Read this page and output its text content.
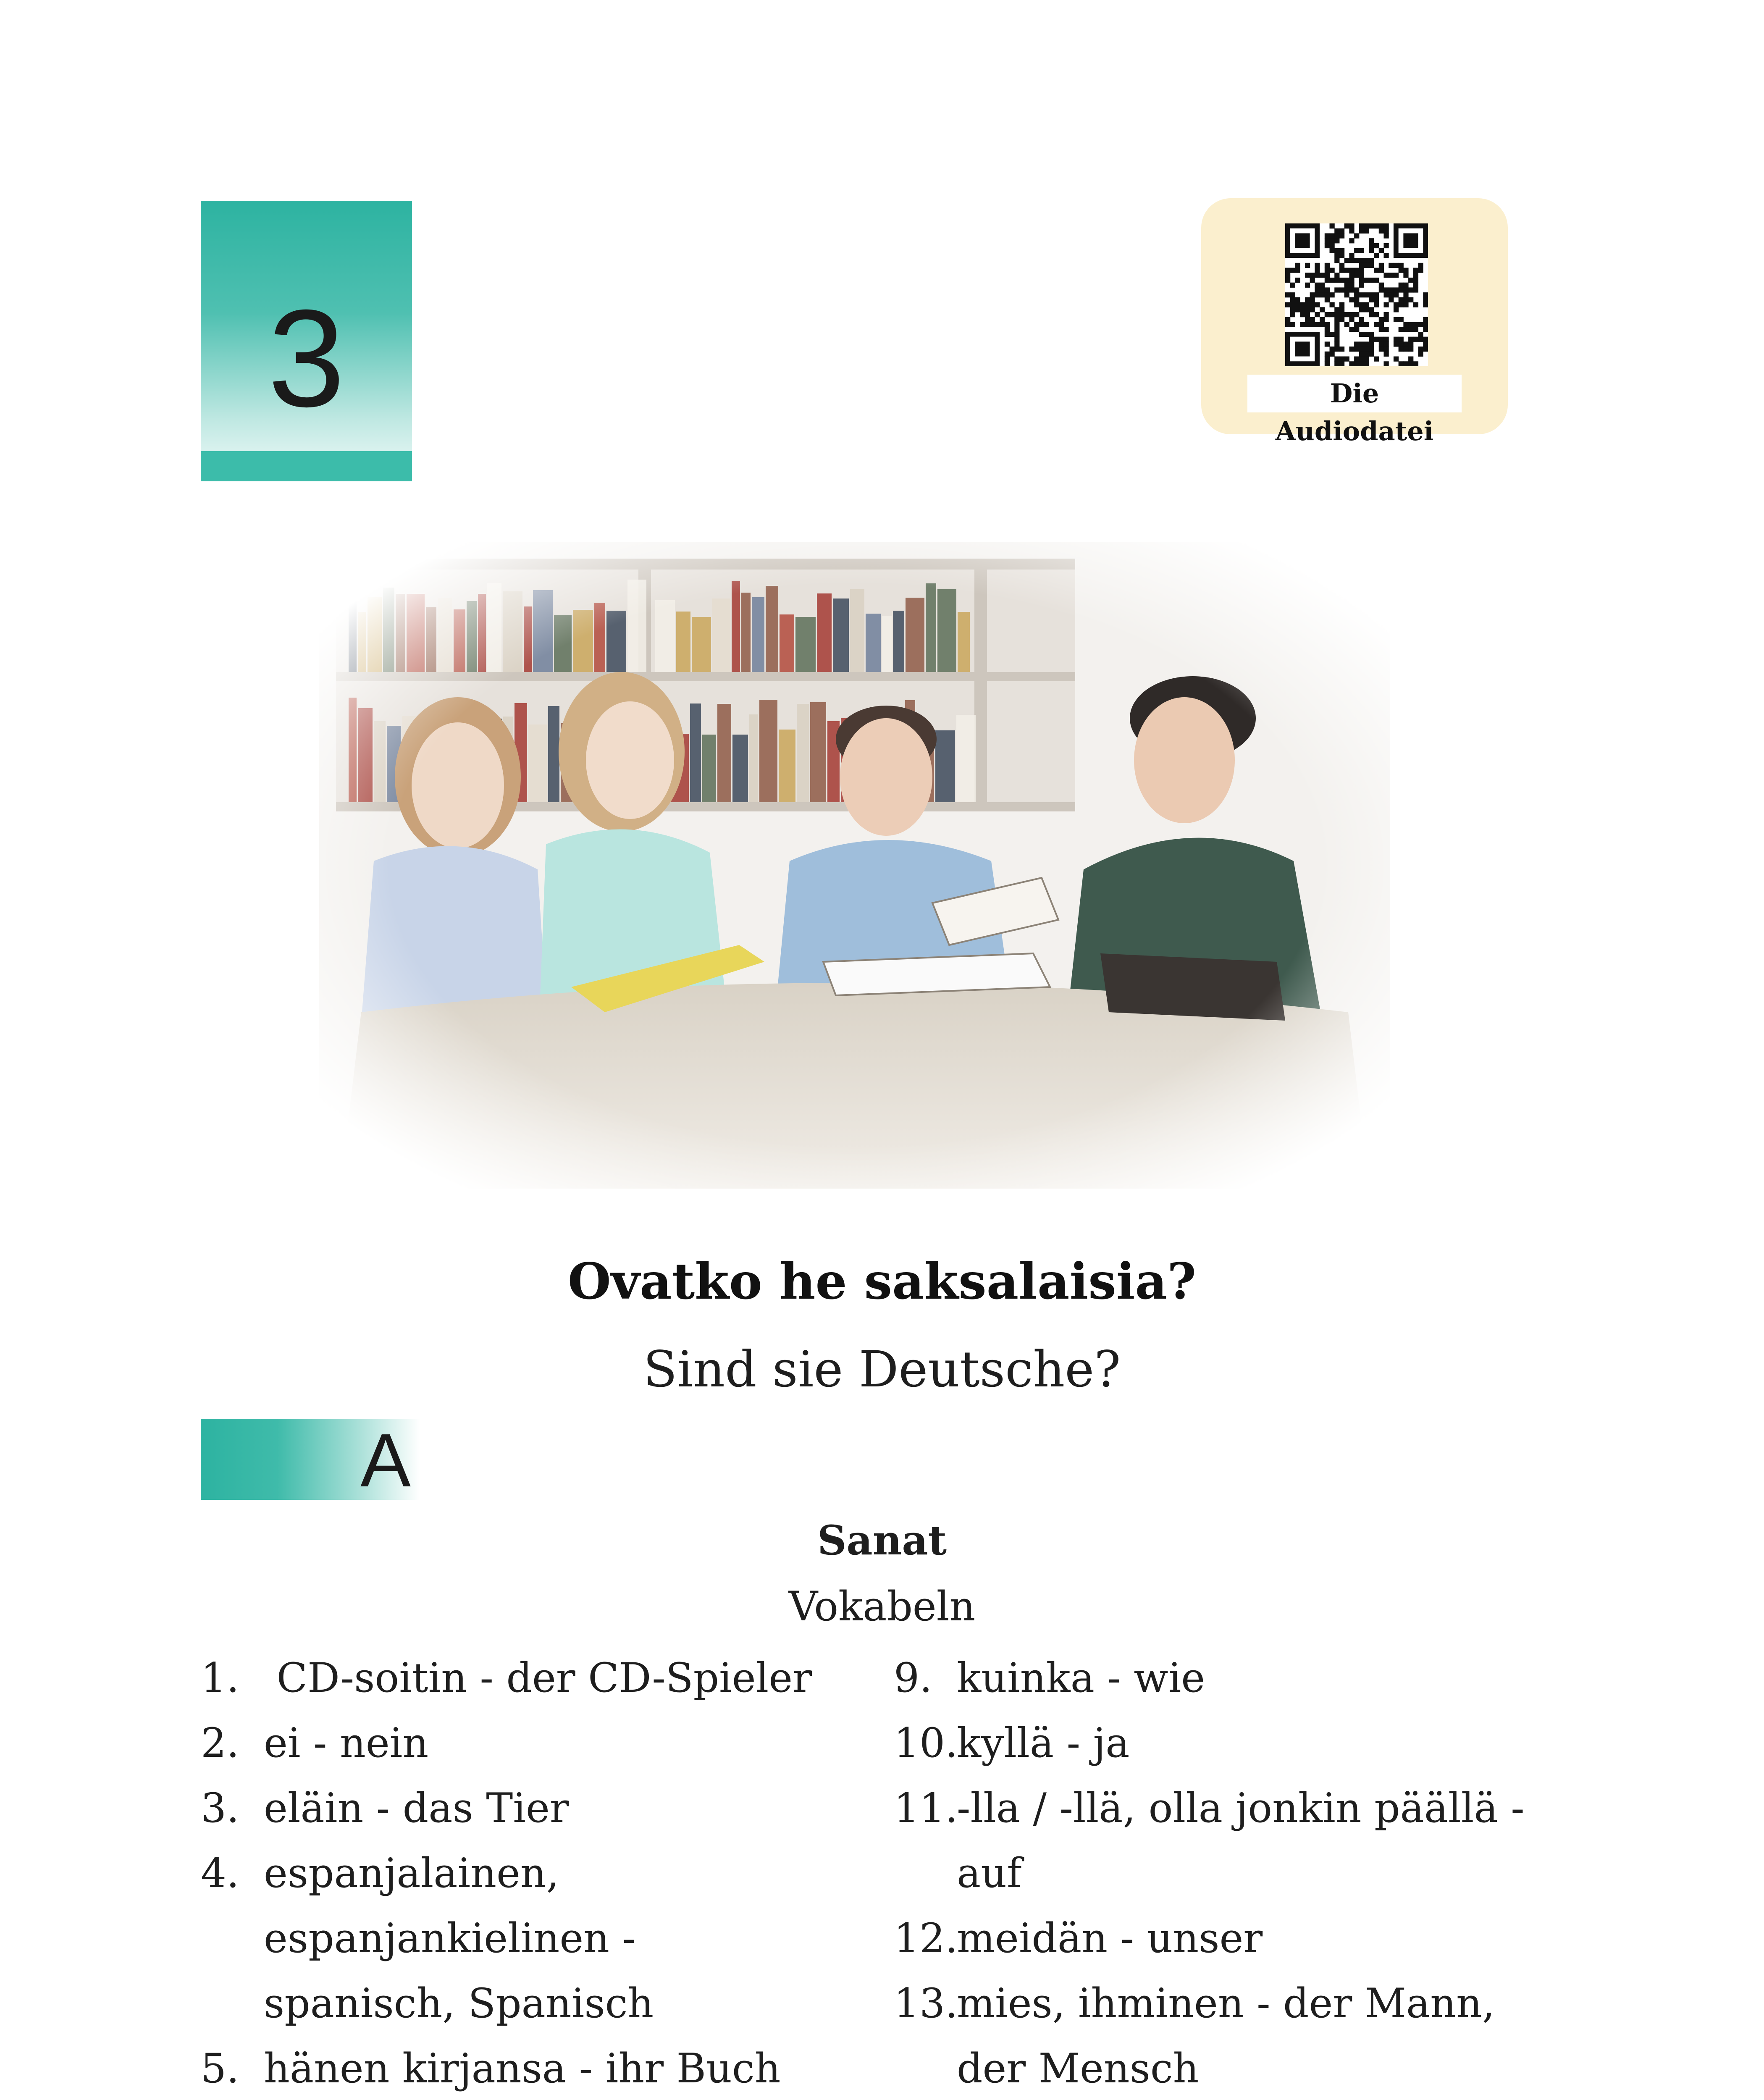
3	Die Audiodatei
Ovatko he saksalaisia?
Sind sie Deutsche?
A
Sanat
Vokabeln
1. CD-soitin - der CD-Spieler
2. ei - nein
3. eläin - das Tier
4. espanjalainen, espanjankielinen - spanisch, Spanisch
5. hänen kirjansa - ihr Buch
9. kuinka - wie
10.
kyllä - ja
11.
-lla / -llä, olla jonkin päällä - auf
12.
meidän - unser
13.
mies, ihminen - der Mann, der Mensch
